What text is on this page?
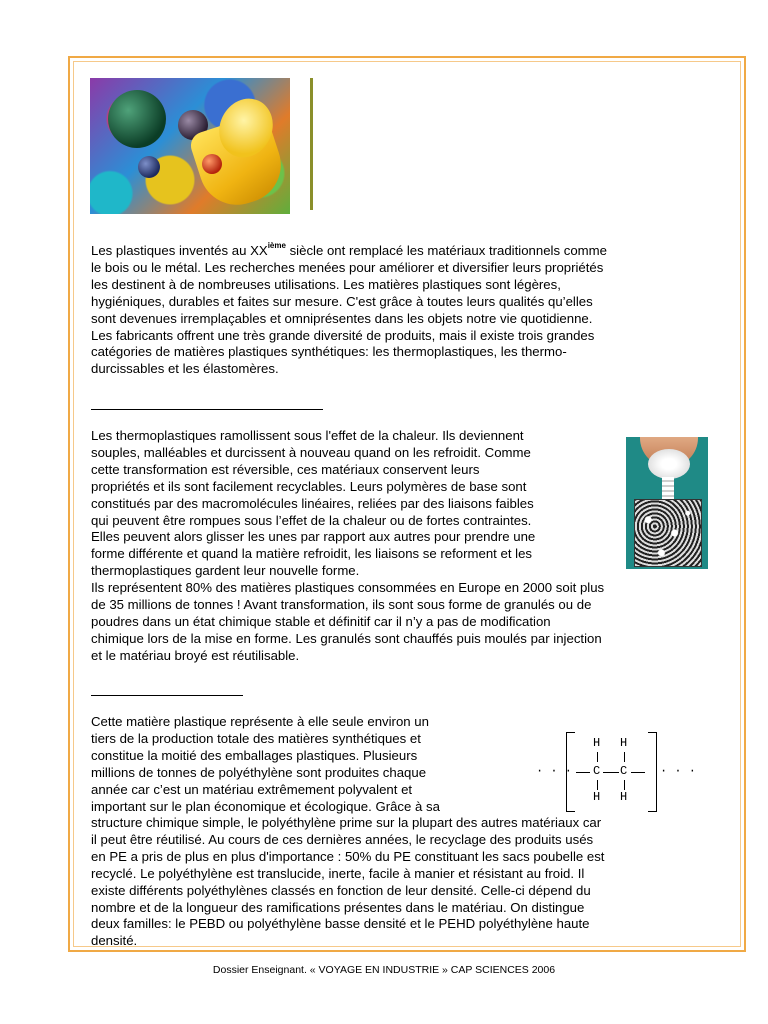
Les plastiques inventés au XXième siècle ont remplacé les matériaux traditionnels comme
le bois ou le métal. Les recherches menées pour améliorer et diversifier leurs propriétés
les destinent à de nombreuses utilisations. Les matières plastiques sont légères,
hygiéniques, durables et faites sur mesure. C'est grâce à toutes leurs qualités qu’elles
sont devenues irremplaçables et omniprésentes dans les objets notre vie quotidienne.
Les fabricants offrent une très grande diversité de produits, mais il existe trois grandes
catégories de matières plastiques synthétiques: les thermoplastiques, les thermo-
durcissables et les élastomères.
Les thermoplastiques ramollissent sous l'effet de la chaleur. Ils deviennent
souples, malléables et durcissent à nouveau quand on les refroidit. Comme
cette transformation est réversible, ces matériaux conservent leurs
propriétés et ils sont facilement recyclables. Leurs polymères de base sont
constitués par des macromolécules linéaires, reliées par des liaisons faibles
qui peuvent être rompues sous l’effet de la chaleur ou de fortes contraintes.
Elles peuvent alors glisser les unes par rapport aux autres pour prendre une
forme différente et quand la matière refroidit, les liaisons se reforment et les
thermoplastiques gardent leur nouvelle forme.
Ils représentent 80% des matières plastiques consommées en Europe en 2000 soit plus
de 35 millions de tonnes ! Avant transformation, ils sont sous forme de granulés ou de
poudres dans un état chimique stable et définitif car il n’y a pas de modification
chimique lors de la mise en forme. Les granulés sont chauffés puis moulés par injection
et le matériau broyé est réutilisable.
Cette matière plastique représente à elle seule environ un
tiers de la production totale des matières synthétiques et
constitue la moitié des emballages plastiques. Plusieurs
millions de tonnes de polyéthylène sont produites chaque
année car c’est un matériau extrêmement polyvalent et
important sur le plan économique et écologique. Grâce à sa
structure chimique simple, le polyéthylène prime sur la plupart des autres matériaux car
il peut être réutilisé. Au cours de ces dernières années, le recyclage des produits usés
en PE a pris de plus en plus d'importance : 50% du PE constituant les sacs poubelle est
recyclé. Le polyéthylène est translucide, inerte, facile à manier et résistant au froid. Il
existe différents polyéthylènes classés en fonction de leur densité. Celle-ci dépend du
nombre et de la longueur des ramifications présentes dans le matériau. On distingue
deux familles: le PEBD ou polyéthylène basse densité et le PEHD polyéthylène haute
densité.
H H
· · · C C	· · ·
H H
Dossier Enseignant. « VOYAGE EN INDUSTRIE » CAP SCIENCES 2006
